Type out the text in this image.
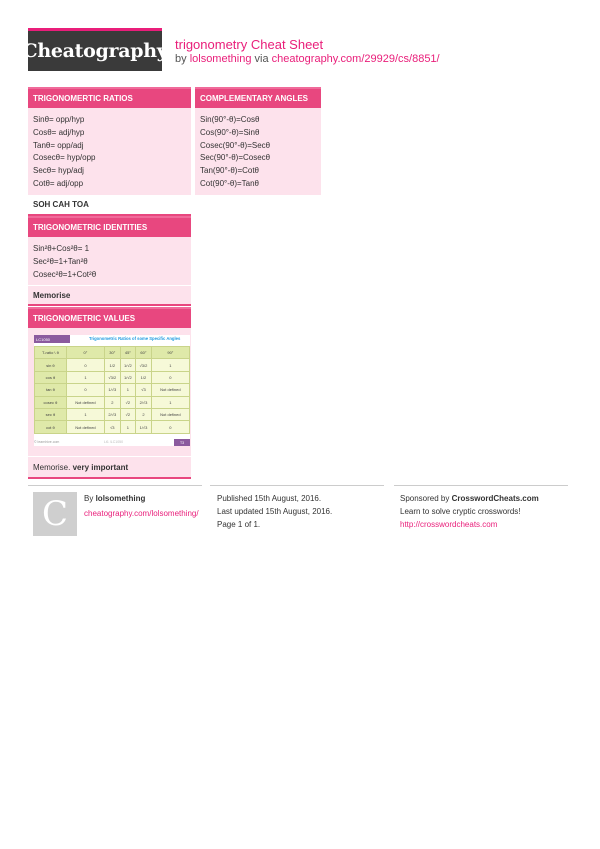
Cheatography trigonometry Cheat Sheet
by lolsomething via cheatography.com/29929/cs/8851/
TRIGONOMERTIC RATIOS
Sinθ= opp/hyp
Cosθ= adj/hyp
Tanθ= opp/adj
Cosecθ= hyp/opp
Secθ= hyp/adj
Cotθ= adj/opp
SOH CAH TOA
TRIGONOMETRIC IDENTITIES
Sin²θ+Cos²θ= 1
Sec²θ=1+Tan²θ
Cosec²θ=1+Cot²θ
Memorise
TRIGONOMETRIC VALUES
Memorise.
very important
LC1050	Trigonometric Ratios of some Specific Angles
T-ratio \ θ	0°	30°	45°	60°	90°
sin θ	0	1/2	1/√2	√3/2	1
cos θ	1	√3/2	1/√2	1/2	0
tan θ	0	1/√3	1	√3	Not defined
cosec θ	Not defined	2	√2	2/√3	1
sec θ	1	2/√3	√2	2	Not defined
cot θ	Not defined	√3	1	1/√3	0
© learnhive.com	Lt1 /LC1050	T3
COMPLEMENTARY ANGLES
Sin(90°-θ)=Cosθ
Cos(90°-θ)=Sinθ
Cosec(90°-θ)=Secθ
Sec(90°-θ)=Cosecθ
Tan(90°-θ)=Cotθ
Cot(90°-θ)=Tanθ
C	By lolsomething
cheatography.com/lolsomething/
Published 15th August, 2016.
Last updated 15th August, 2016.
Page 1 of 1.
Sponsored by CrosswordCheats.com
Learn to solve cryptic crosswords!
http://crosswordcheats.com
